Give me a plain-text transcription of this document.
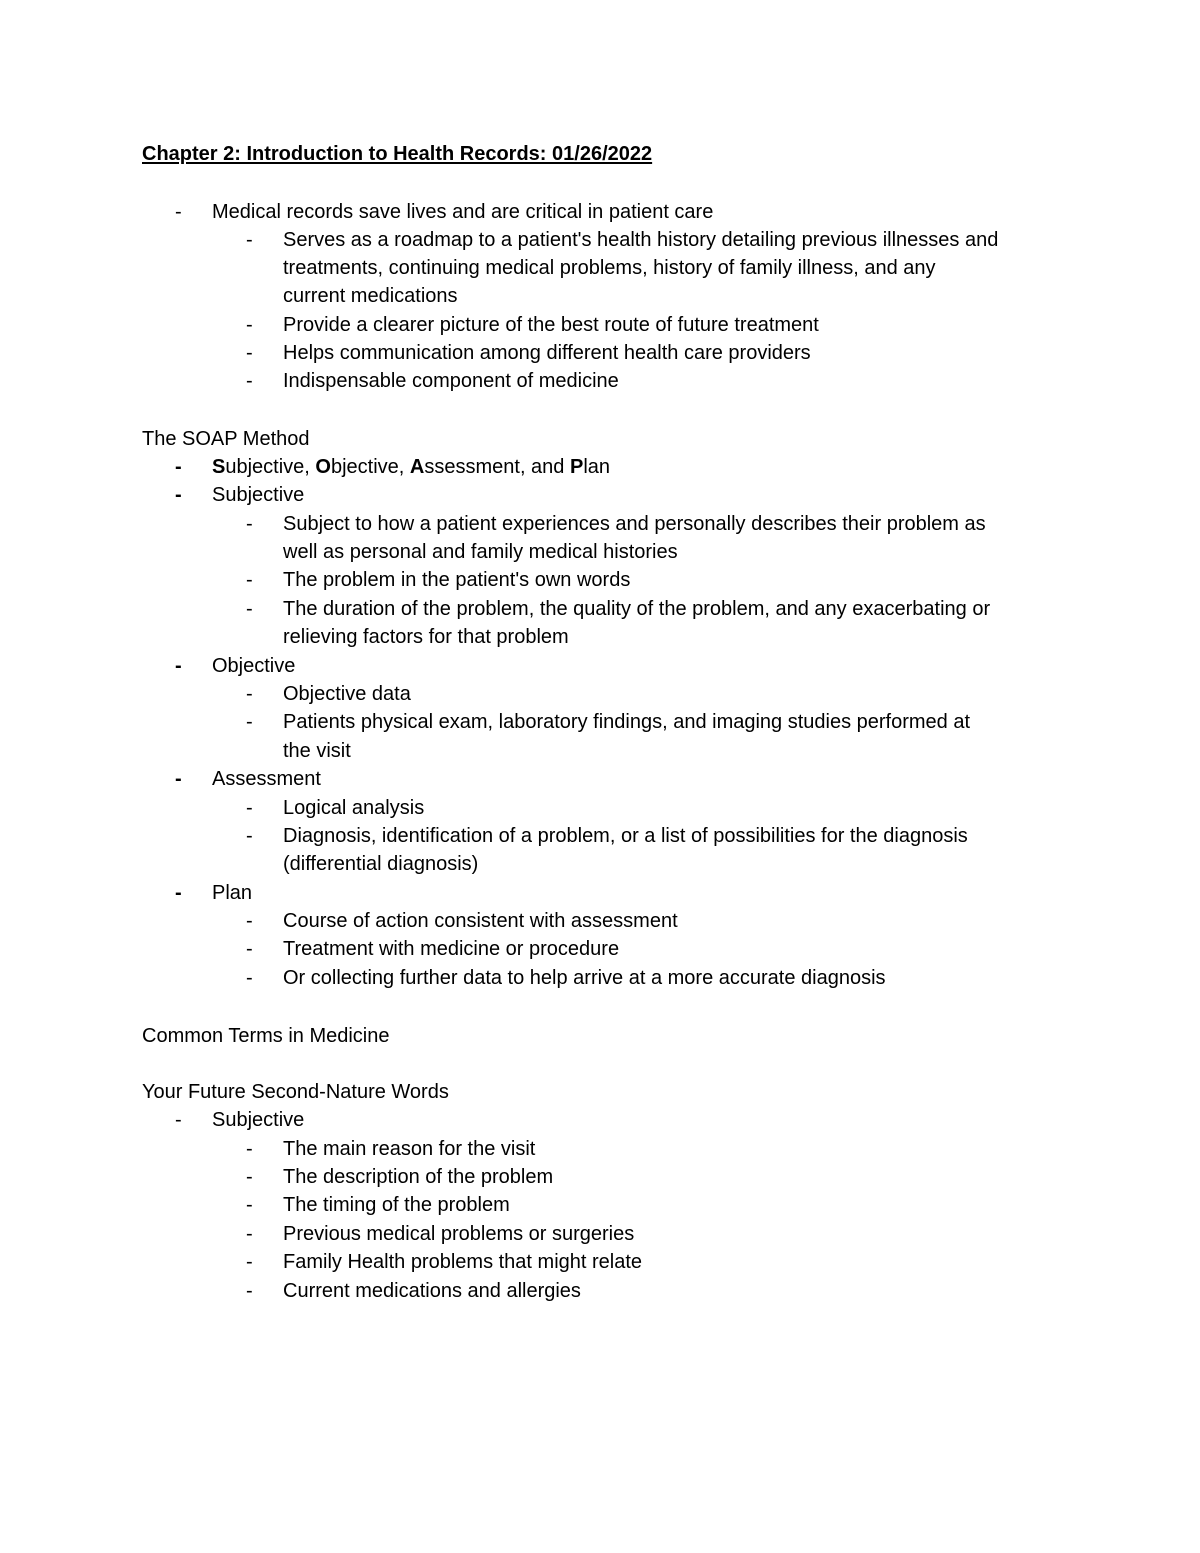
Chapter 2: Introduction to Health Records: 01/26/2022
- Medical records save lives and are critical in patient care
- Serves as a roadmap to a patient's health history detailing previous illnesses and
treatments, continuing medical problems, history of family illness, and any
current medications
- Provide a clearer picture of the best route of future treatment
- Helps communication among different health care providers
- Indispensable component of medicine
The SOAP Method
- Subjective, Objective, Assessment, and Plan
- Subjective
- Subject to how a patient experiences and personally describes their problem as
well as personal and family medical histories
- The problem in the patient's own words
- The duration of the problem, the quality of the problem, and any exacerbating or
relieving factors for that problem
- Objective
- Objective data
- Patients physical exam, laboratory findings, and imaging studies performed at
the visit
- Assessment
- Logical analysis
- Diagnosis, identification of a problem, or a list of possibilities for the diagnosis
(differential diagnosis)
- Plan
- Course of action consistent with assessment
- Treatment with medicine or procedure
- Or collecting further data to help arrive at a more accurate diagnosis
Common Terms in Medicine
Your Future Second-Nature Words
- Subjective
- The main reason for the visit
- The description of the problem
- The timing of the problem
- Previous medical problems or surgeries
- Family Health problems that might relate
- Current medications and allergies
